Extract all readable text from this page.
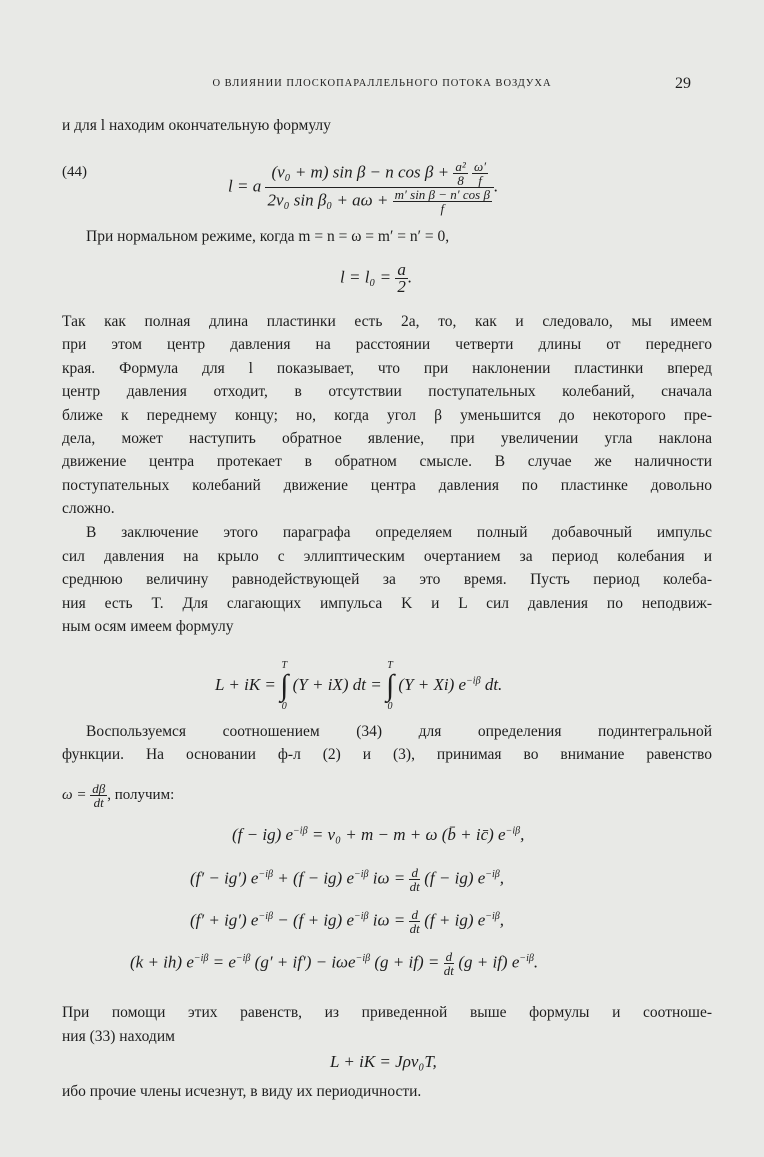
О ВЛИЯНИИ ПЛОСКОПАРАЛЛЕЛЬНОГО ПОТОКА ВОЗДУХА	29
и для l находим окончательную формулу
(44)
l = a (v₀ + m) sin β − n $\cos \beta + \frac{\text{a²}}{8}$
$\frac{\omega'}{f}$
2v₀ $\sin \beta_0 + a\omega + \frac{\text{m′ sin β − n′ cos β}}{f}$ .
При нормальном режиме, когда m = n = ω = m′ = n′ = 0,
$l = l_0 = \frac{a}{2}$ .
Так как полная длина пластинки есть 2a, то, как и следовало, мы имеем
при этом центр давления на расстоянии четверти длины от переднего
края. Формула для l показывает, что при наклонении пластинки вперед
центр давления отходит, в отсутствии поступательных колебаний, сначала
ближе к переднему концу; но, когда угол β уменьшится до некоторого пре-
дела, может наступить обратное явление, при увеличении угла наклона
движение центра протекает в обратном смысле. В случае же наличности
поступательных колебаний движение центра давления по пластинке довольно
сложно.
В заключение этого параграфа определяем полный добавочный импульс
сил давления на крыло с эллиптическим очертанием за период колебания и
среднюю величину равнодействующей за это время. Пусть период колеба-
ния есть T. Для слагающих импульса K и L сил давления по неподвиж-
ным осям имеем формулу
L + iK = T
∫
0 (Y + iX) dt = T
∫
0 (Y + Xi) $e^{-i\beta}$ dt.
Воспользуемся соотношением (34) для определения подинтегральной
функции. На основании ф-л (2) и (3), принимая во внимание равенство
$\omega = \frac{d\beta}{dt}$ , получим:
(f − ig) $e^{-i\beta} = v_0 + m - m + \omega$ (b̄ + ic̄) $e^{-i\beta}$,
(f′ − ig′) $e^{-i\beta} + (f - ig)$ $e^{-i\beta}$ $i\omega = \frac{d}{dt} (f - ig)$ $e^{-i\beta}$,
(f′ + ig′) $e^{-i\beta} - (f + ig)$ $e^{-i\beta}$ $i\omega = \frac{d}{dt} (f + ig)$ $e^{-i\beta}$,
(k + ih) $e^{-i\beta} = e^{-i\beta}$ (g′ + if′) − iωe$^{-i\beta}$ $(g + if) = \frac{d}{dt} (g + if)$ $e^{-i\beta}$.
При помощи этих равенств, из приведенной выше формулы и соотноше-
ния (33) находим
L + iK = Jρv₀T,
ибо прочие члены исчезнут, в виду их периодичности.
